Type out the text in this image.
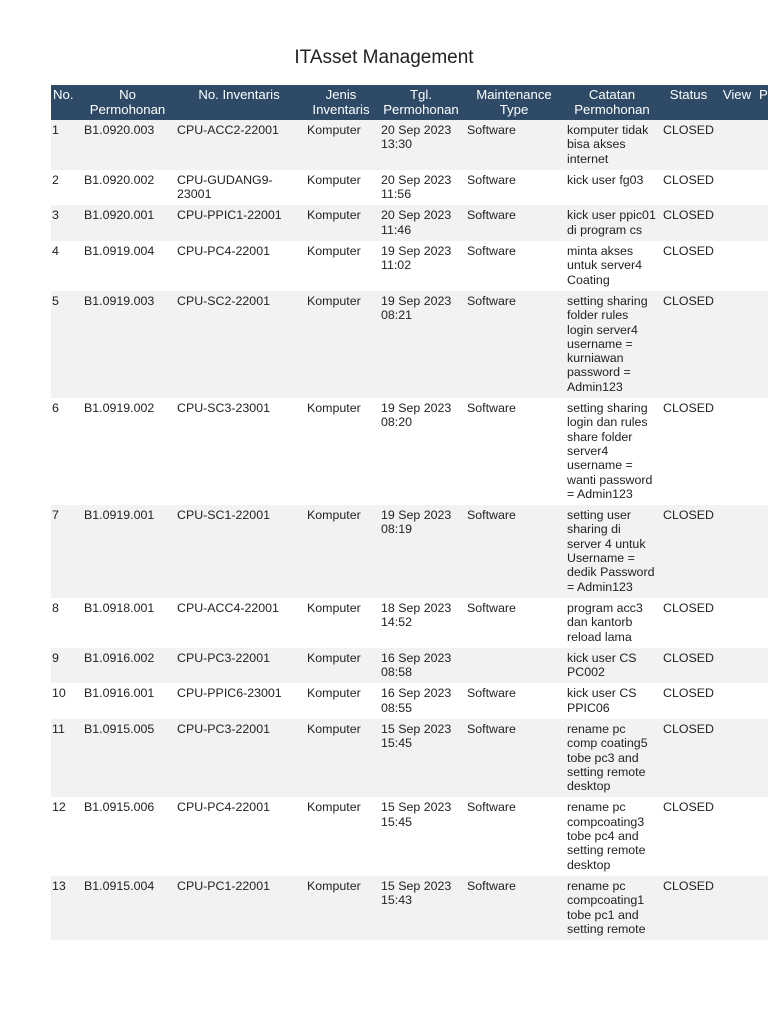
ITAsset Management
No.	No Permohonan	No. Inventaris	Jenis Inventaris	Tgl. Permohonan	Maintenance Type	Catatan Permohonan	Status	View	P
1	B1.0920.003	CPU-ACC2-22001	Komputer	20 Sep 2023 13:30	Software	komputer tidak bisa akses internet	CLOSED		
2	B1.0920.002	CPU-GUDANG9-23001	Komputer	20 Sep 2023 11:56	Software	kick user fg03	CLOSED		
3	B1.0920.001	CPU-PPIC1-22001	Komputer	20 Sep 2023 11:46	Software	kick user ppic01 di program cs	CLOSED		
4	B1.0919.004	CPU-PC4-22001	Komputer	19 Sep 2023 11:02	Software	minta akses untuk server4 Coating	CLOSED		
5	B1.0919.003	CPU-SC2-22001	Komputer	19 Sep 2023 08:21	Software	setting sharing folder rules login server4 username = kurniawan password = Admin123	CLOSED		
6	B1.0919.002	CPU-SC3-23001	Komputer	19 Sep 2023 08:20	Software	setting sharing login dan rules share folder server4 username = wanti password = Admin123	CLOSED		
7	B1.0919.001	CPU-SC1-22001	Komputer	19 Sep 2023 08:19	Software	setting user sharing di server 4 untuk Username = dedik Password = Admin123	CLOSED		
8	B1.0918.001	CPU-ACC4-22001	Komputer	18 Sep 2023 14:52	Software	program acc3 dan kantorb reload lama	CLOSED		
9	B1.0916.002	CPU-PC3-22001	Komputer	16 Sep 2023 08:58		kick user CS PC002	CLOSED		
10	B1.0916.001	CPU-PPIC6-23001	Komputer	16 Sep 2023 08:55	Software	kick user CS PPIC06	CLOSED		
11	B1.0915.005	CPU-PC3-22001	Komputer	15 Sep 2023 15:45	Software	rename pc comp coating5 tobe pc3 and setting remote desktop	CLOSED		
12	B1.0915.006	CPU-PC4-22001	Komputer	15 Sep 2023 15:45	Software	rename pc compcoating3 tobe pc4 and setting remote desktop	CLOSED		
13	B1.0915.004	CPU-PC1-22001	Komputer	15 Sep 2023 15:43	Software	rename pc compcoating1 tobe pc1 and setting remote	CLOSED		
